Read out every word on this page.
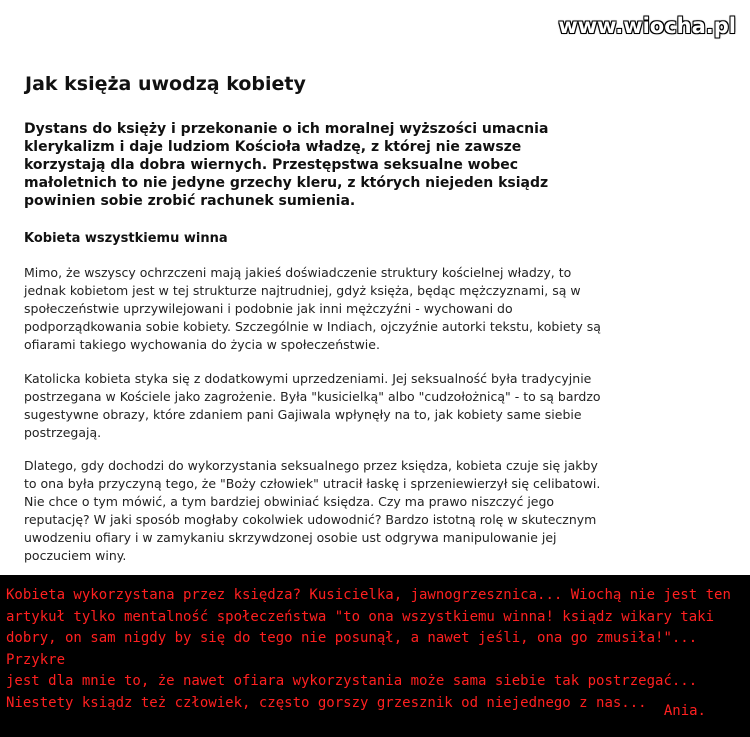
www.wiocha.pl
Jak księża uwodzą kobiety
Dystans do księży i przekonanie o ich moralnej wyższości umacnia
klerykalizm i daje ludziom Kościoła władzę, z której nie zawsze
korzystają dla dobra wiernych. Przestępstwa seksualne wobec
małoletnich to nie jedyne grzechy kleru, z których niejeden ksiądz
powinien sobie zrobić rachunek sumienia.
Kobieta wszystkiemu winna
Mimo, że wszyscy ochrzczeni mają jakieś doświadczenie struktury kościelnej władzy, to
jednak kobietom jest w tej strukturze najtrudniej, gdyż księża, będąc mężczyznami, są w
społeczeństwie uprzywilejowani i podobnie jak inni mężczyźni - wychowani do
podporządkowania sobie kobiety. Szczególnie w Indiach, ojczyźnie autorki tekstu, kobiety są
ofiarami takiego wychowania do życia w społeczeństwie.
Katolicka kobieta styka się z dodatkowymi uprzedzeniami. Jej seksualność była tradycyjnie
postrzegana w Kościele jako zagrożenie. Była "kusicielką" albo "cudzołożnicą" - to są bardzo
sugestywne obrazy, które zdaniem pani Gajiwala wpłynęły na to, jak kobiety same siebie
postrzegają.
Dlatego, gdy dochodzi do wykorzystania seksualnego przez księdza, kobieta czuje się jakby
to ona była przyczyną tego, że "Boży człowiek" utracił łaskę i sprzeniewierzył się celibatowi.
Nie chce o tym mówić, a tym bardziej obwiniać księdza. Czy ma prawo niszczyć jego
reputację? W jaki sposób mogłaby cokolwiek udowodnić? Bardzo istotną rolę w skutecznym
uwodzeniu ofiary i w zamykaniu skrzywdzonej osobie ust odgrywa manipulowanie jej
poczuciem winy.
Kobieta wykorzystana przez księdza? Kusicielka, jawnogrzesznica... Wiochą nie jest ten
artykuł tylko mentalność społeczeństwa "to ona wszystkiemu winna! ksiądz wikary taki
dobry, on sam nigdy by się do tego nie posunął, a nawet jeśli, ona go zmusiła!"... Przykre
jest dla mnie to, że nawet ofiara wykorzystania może sama siebie tak postrzegać...
Niestety ksiądz też człowiek, często gorszy grzesznik od niejednego z nas...
Ania.
